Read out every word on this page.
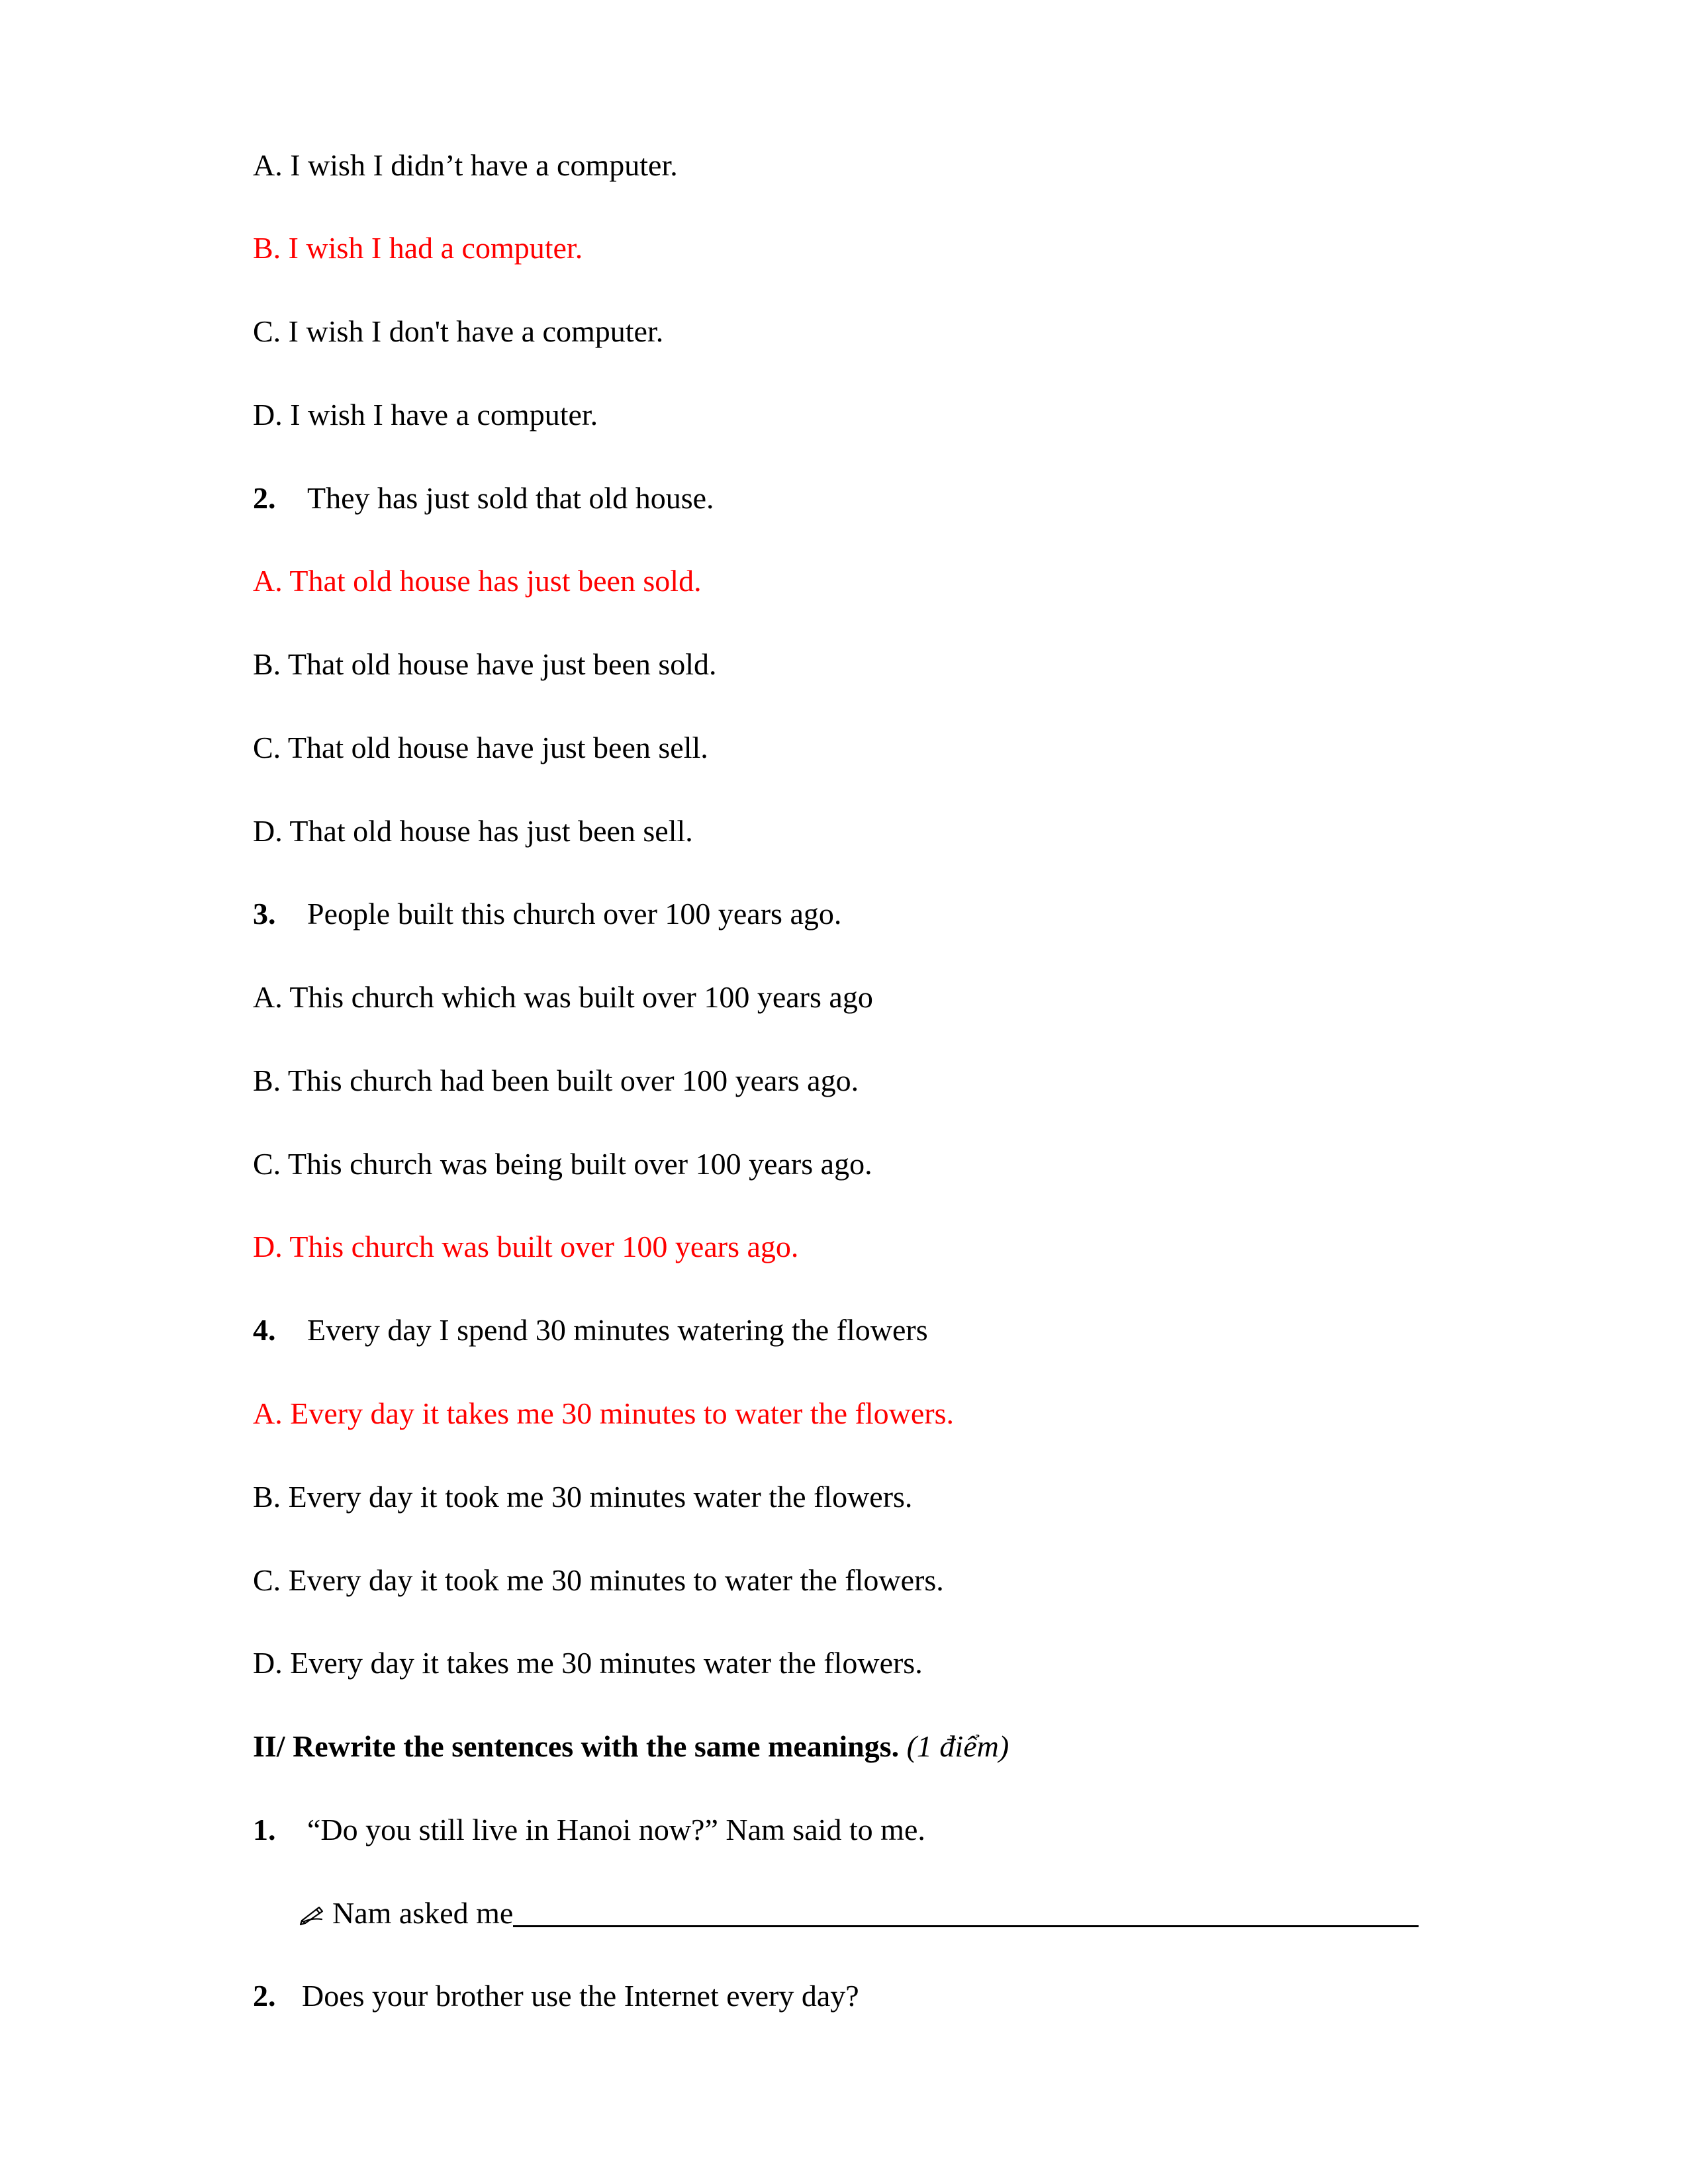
A. I wish I didn’t have a computer.
B. I wish I had a computer.
C. I wish I don't have a computer.
D. I wish I have a computer.
2. They has just sold that old house.
A. That old house has just been sold.
B. That old house have just been sold.
C. That old house have just been sell.
D. That old house has just been sell.
3. People built this church over 100 years ago.
A. This church which was built over 100 years ago
B. This church had been built over 100 years ago.
C. This church was being built over 100 years ago.
D. This church was built over 100 years ago.
4. Every day I spend 30 minutes watering the flowers
A. Every day it takes me 30 minutes to water the flowers.
B. Every day it took me 30 minutes water the flowers.
C. Every day it took me 30 minutes to water the flowers.
D. Every day it takes me 30 minutes water the flowers.
II/ Rewrite the sentences with the same meanings. (1 điểm)
1. “Do you still live in Hanoi now?” Nam said to me.
Nam asked me
2. Does your brother use the Internet every day?
